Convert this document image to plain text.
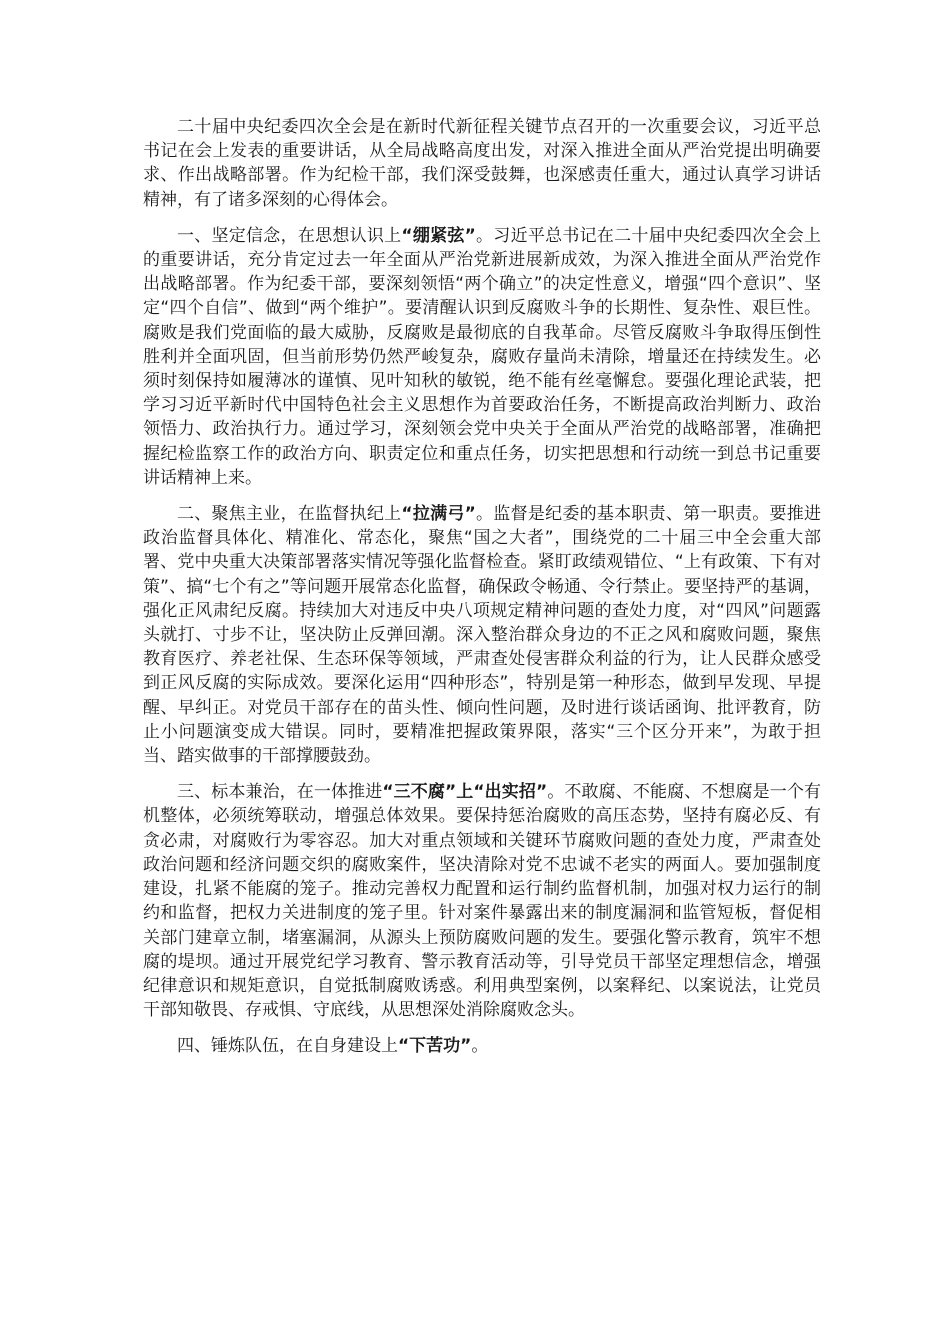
二十届中央纪委四次全会是在新时代新征程关键节点召开的一次重要会议，习近平总书记在会上发表的重要讲话，从全局战略高度出发，对深入推进全面从严治党提出明确要求、作出战略部署。作为纪检干部，我们深受鼓舞，也深感责任重大，通过认真学习讲话精神，有了诸多深刻的心得体会。

一、坚定信念，在思想认识上“绷紧弦”。习近平总书记在二十届中央纪委四次全会上的重要讲话，充分肯定过去一年全面从严治党新进展新成效，为深入推进全面从严治党作出战略部署。作为纪委干部，要深刻领悟“两个确立”的决定性意义，增强“四个意识”、坚定“四个自信”、做到“两个维护”。要清醒认识到反腐败斗争的长期性、复杂性、艰巨性。腐败是我们党面临的最大威胁，反腐败是最彻底的自我革命。尽管反腐败斗争取得压倒性胜利并全面巩固，但当前形势仍然严峻复杂，腐败存量尚未清除，增量还在持续发生。必须时刻保持如履薄冰的谨慎、见叶知秋的敏锐，绝不能有丝毫懈怠。要强化理论武装，把学习习近平新时代中国特色社会主义思想作为首要政治任务，不断提高政治判断力、政治领悟力、政治执行力。通过学习，深刻领会党中央关于全面从严治党的战略部署，准确把握纪检监察工作的政治方向、职责定位和重点任务，切实把思想和行动统一到总书记重要讲话精神上来。

二、聚焦主业，在监督执纪上“拉满弓”。监督是纪委的基本职责、第一职责。要推进政治监督具体化、精准化、常态化，聚焦“国之大者”，围绕党的二十届三中全会重大部署、党中央重大决策部署落实情况等强化监督检查。紧盯政绩观错位、“上有政策、下有对策”、搞“七个有之”等问题开展常态化监督，确保政令畅通、令行禁止。要坚持严的基调，强化正风肃纪反腐。持续加大对违反中央八项规定精神问题的查处力度，对“四风”问题露头就打、寸步不让，坚决防止反弹回潮。深入整治群众身边的不正之风和腐败问题，聚焦教育医疗、养老社保、生态环保等领域，严肃查处侵害群众利益的行为，让人民群众感受到正风反腐的实际成效。要深化运用“四种形态”，特别是第一种形态，做到早发现、早提醒、早纠正。对党员干部存在的苗头性、倾向性问题，及时进行谈话函询、批评教育，防止小问题演变成大错误。同时，要精准把握政策界限，落实“三个区分开来”，为敢于担当、踏实做事的干部撑腰鼓劲。

三、标本兼治，在一体推进“三不腐”上“出实招”。不敢腐、不能腐、不想腐是一个有机整体，必须统筹联动，增强总体效果。要保持惩治腐败的高压态势，坚持有腐必反、有贪必肃，对腐败行为零容忍。加大对重点领域和关键环节腐败问题的查处力度，严肃查处政治问题和经济问题交织的腐败案件，坚决清除对党不忠诚不老实的两面人。要加强制度建设，扎紧不能腐的笼子。推动完善权力配置和运行制约监督机制，加强对权力运行的制约和监督，把权力关进制度的笼子里。针对案件暴露出来的制度漏洞和监管短板，督促相关部门建章立制，堵塞漏洞，从源头上预防腐败问题的发生。要强化警示教育，筑牢不想腐的堤坝。通过开展党纪学习教育、警示教育活动等，引导党员干部坚定理想信念，增强纪律意识和规矩意识，自觉抵制腐败诱惑。利用典型案例，以案释纪、以案说法，让党员干部知敬畏、存戒惧、守底线，从思想深处消除腐败念头。

四、锤炼队伍，在自身建设上“下苦功”。
